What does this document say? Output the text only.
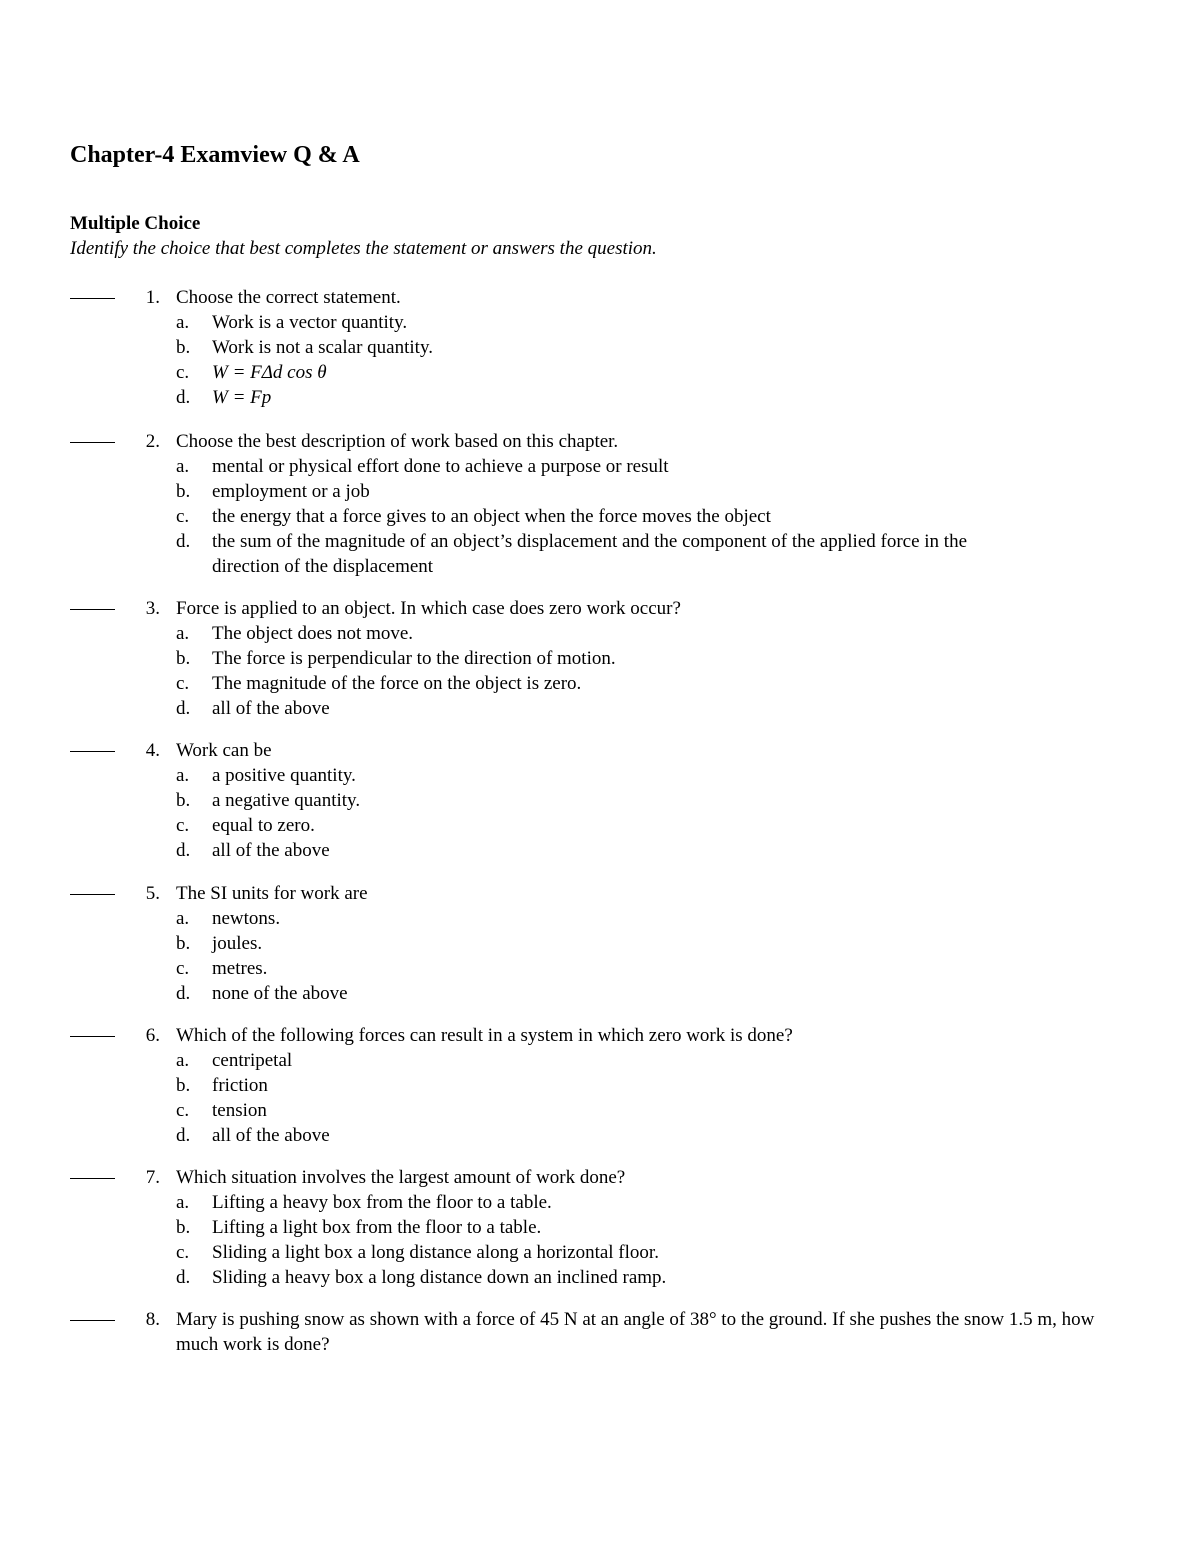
Chapter-4 Examview Q & A
Multiple Choice
Identify the choice that best completes the statement or answers the question.
1. Choose the correct statement.
a. Work is a vector quantity.
b. Work is not a scalar quantity.
c. W = FΔd cos θ
d. W = Fp
2. Choose the best description of work based on this chapter.
a. mental or physical effort done to achieve a purpose or result
b. employment or a job
c. the energy that a force gives to an object when the force moves the object
d. the sum of the magnitude of an object’s displacement and the component of the applied force in the direction of the displacement
3. Force is applied to an object. In which case does zero work occur?
a. The object does not move.
b. The force is perpendicular to the direction of motion.
c. The magnitude of the force on the object is zero.
d. all of the above
4. Work can be
a. a positive quantity.
b. a negative quantity.
c. equal to zero.
d. all of the above
5. The SI units for work are
a. newtons.
b. joules.
c. metres.
d. none of the above
6. Which of the following forces can result in a system in which zero work is done?
a. centripetal
b. friction
c. tension
d. all of the above
7. Which situation involves the largest amount of work done?
a. Lifting a heavy box from the floor to a table.
b. Lifting a light box from the floor to a table.
c. Sliding a light box a long distance along a horizontal floor.
d. Sliding a heavy box a long distance down an inclined ramp.
8. Mary is pushing snow as shown with a force of 45 N at an angle of 38° to the ground. If she pushes the snow 1.5 m, how much work is done?
